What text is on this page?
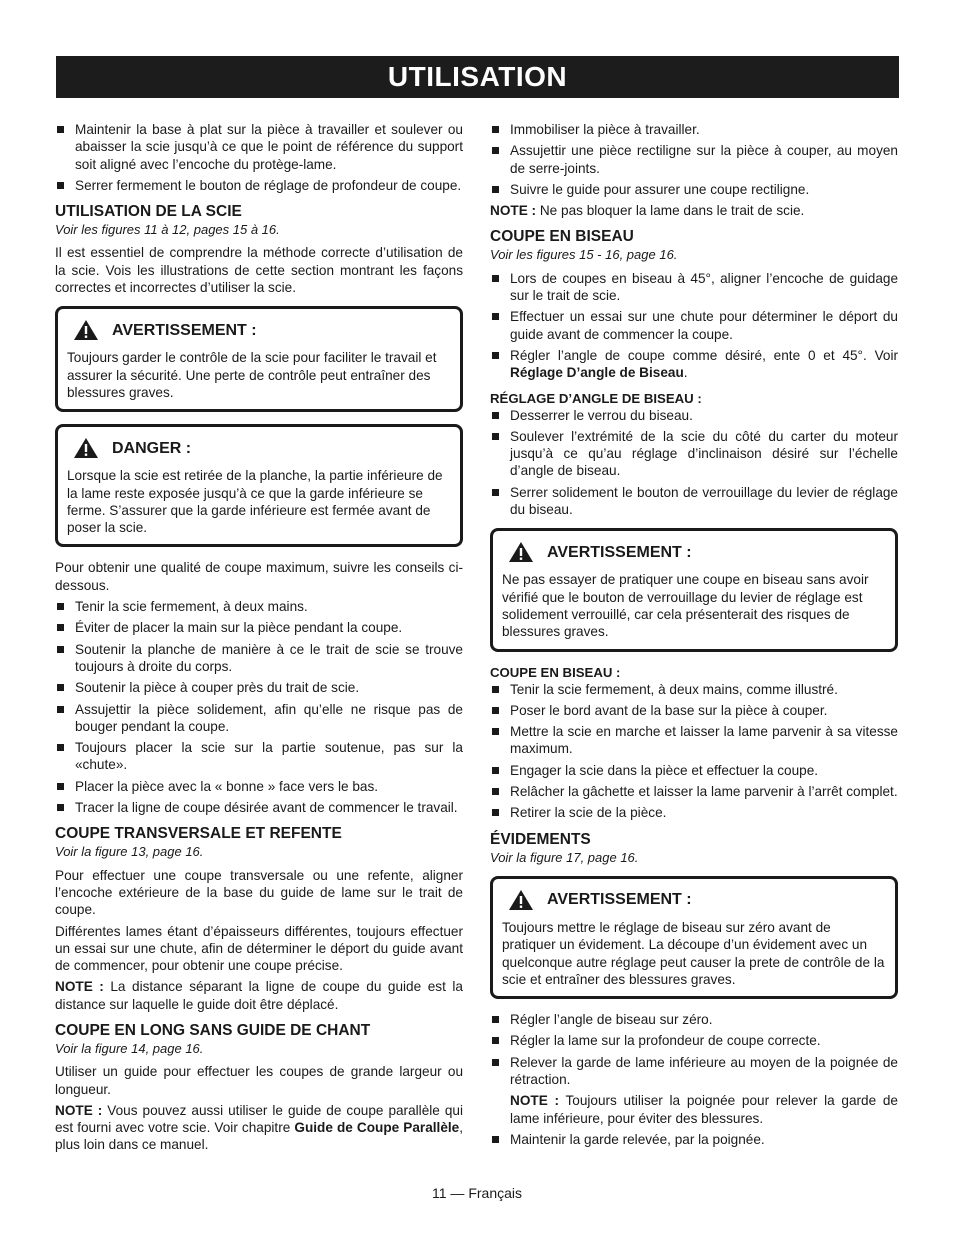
UTILISATION
Maintenir la base à plat sur la pièce à travailler et soulever ou abaisser la scie jusqu’à ce que le point de référence du support soit aligné avec l’encoche du protège-lame.
Serrer fermement le bouton de réglage de profondeur de coupe.
UTILISATION DE LA SCIE
Voir les figures 11 à 12, pages 15 à 16.

Il est essentiel de comprendre la méthode correcte d’utilisation de la scie. Vois les illustrations de cette section montrant les façons correctes et incorrectes d’utiliser la scie.

AVERTISSEMENT :
Toujours garder le contrôle de la scie pour faciliter le travail et assurer la sécurité. Une perte de contrôle peut entraîner des blessures graves.
DANGER :
Lorsque la scie est retirée de la planche, la partie inférieure de la lame reste exposée jusqu’à ce que la garde inférieure se ferme. S’assurer que la garde inférieure est fermée avant de poser la scie.

Pour obtenir une qualité de coupe maximum, suivre les conseils ci-dessous.

Tenir la scie fermement, à deux mains.
Éviter de placer la main sur la pièce pendant la coupe.
Soutenir la planche de manière à ce le trait de scie se trouve toujours à droite du corps.
Soutenir la pièce à couper près du trait de scie.
Assujettir la pièce solidement, afin qu’elle ne risque pas de bouger pendant la coupe.
Toujours placer la scie sur la partie soutenue, pas sur la «chute».
Placer la pièce avec la « bonne » face vers le bas.
Tracer la ligne de coupe désirée avant de commencer le travail.
COUPE TRANSVERSALE ET REFENTE
Voir la figure 13, page 16.

Pour effectuer une coupe transversale ou une refente, aligner l’encoche extérieure de la base du guide de lame sur le trait de coupe.

Différentes lames étant d’épaisseurs différentes, toujours effectuer un essai sur une chute, afin de déterminer le déport du guide avant de commencer, pour obtenir une coupe précise.

NOTE : La distance séparant la ligne de coupe du guide est la distance sur laquelle le guide doit être déplacé.

COUPE EN LONG SANS GUIDE DE CHANT
Voir la figure 14, page 16.

Utiliser un guide pour effectuer les coupes de grande largeur ou longueur.

NOTE : Vous pouvez aussi utiliser le guide de coupe parallèle qui est fourni avec votre scie. Voir chapitre Guide de Coupe Parallèle, plus loin dans ce manuel.

Immobiliser la pièce à travailler.
Assujettir une pièce rectiligne sur la pièce à couper, au moyen de serre-joints.
Suivre le guide pour assurer une coupe rectiligne.

NOTE : Ne pas bloquer la lame dans le trait de scie.

COUPE EN BISEAU
Voir les figures 15 - 16, page 16.
Lors de coupes en biseau à 45°, aligner l’encoche de guidage sur le trait de scie.
Effectuer un essai sur une chute pour déterminer le déport du guide avant de commencer la coupe.
Régler l’angle de coupe comme désiré, ente 0 et 45°. Voir Réglage D’angle de Biseau.
RÉGLAGE D’ANGLE DE BISEAU :
Desserrer le verrou du biseau.
Soulever l’extrémité de la scie du côté du carter du moteur jusqu’à ce qu’au réglage d’inclinaison désiré sur l’échelle d’angle de biseau.
Serrer solidement le bouton de verrouillage du levier de réglage du biseau.
AVERTISSEMENT :
Ne pas essayer de pratiquer une coupe en biseau sans avoir vérifié que le bouton de verrouillage du levier de réglage est solidement verrouillé, car cela présenterait des risques de blessures graves.
COUPE EN BISEAU :
Tenir la scie fermement, à deux mains, comme illustré.
Poser le bord avant de la base sur la pièce à couper.
Mettre la scie en marche et laisser la lame parvenir à sa vitesse maximum.
Engager la scie dans la pièce et effectuer la coupe.
Relâcher la gâchette et laisser la lame parvenir à l’arrêt complet.
Retirer la scie de la pièce.
ÉVIDEMENTS
Voir la figure 17, page 16.
AVERTISSEMENT :
Toujours mettre le réglage de biseau sur zéro avant de pratiquer un évidement. La découpe d’un évidement avec un quelconque autre réglage peut causer la prete de contrôle de la scie et entraîner des blessures graves.
Régler l’angle de biseau sur zéro.
Régler la lame sur la profondeur de coupe correcte.
Relever la garde de lame inférieure au moyen de la poignée de rétraction.

NOTE : Toujours utiliser la poignée pour relever la garde de lame inférieure, pour éviter des blessures.

Maintenir la garde relevée, par la poignée.
11 — Français
